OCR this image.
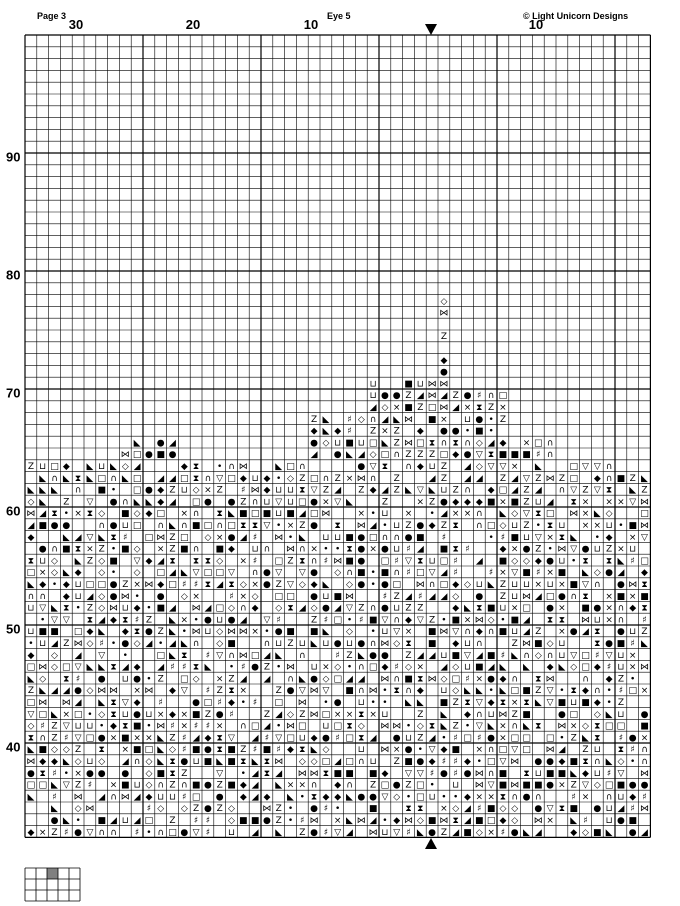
Page 3	Eye 5	© Light Unicorn Designs
30	20	10	10
90
80
70
60
50
40
Z
◣
◇
⋈
◢
◆
⧗
□
◣
∩
⊔
⊔
•
◆
□
◣
Z
□
▽
◇
⧗
◣
⋈
●
□
◣
◆
⊔
◣
◣
◣
◢
■
●
⊔
×
◆
∩
▽
•
■
⊔
⋈
◇
◣
⋈
□
♯
∩
■
◆
⧗
□
×
□
∩
◣
⧗
●
∩
◇
◇
•
◣
▽
■
◢
◇
◇
◢
◣
Z
Z
◇
◆
♯
◣
♯
◣
●
Z
◆
◣
Z
•
●
◣
■
◣
◆
◆
⧗
▽
Z
□
⧗
◢
⋈
×
▽
♯
◇
◣
•
▽
◣
♯
⧗
∩
×
◢
⧗
◣
◆
⊔
⊔
•
□
⋈
◢
▽
♯
●
◢
□
⊔
▽
Z
◇
×
Z
⋈
◇
•
●
◣
◣
▽
⧗
▽
×
Z
□
◢
Z
⧗
◆
◇
◣
◇
•
⊔
□
⊔
●
♯
⋈
▽
⊔
□
■
◇
∩
◣
Z
◇
◇
□
◇
◇
◢
◣
♯
▽
◣
●
⋈
◣
◇
•
●
⧗
◇
●
◢
■
∩
◣
∩
•
●
●
⧗
•
■
•
●
●
⋈
◆
•
⧗
⋈
⧗
⧗
◆
×
×
∩
◢
∩
⋈
◇
◣
∩
■
⊔
♯
■
Z
⋈
⊔
⧗
◆
●
•
◢
⊔
▽
⊔
⧗
■
×
◢
●
■
⋈
⊔
◣
□
◢
□
□
◣
◇
□
◇
▽
◇
×
•
◆
♯
⧗
◇
◆
●
×
◆
●
■
×
■
∩
⊔
◢
◢
♯
●
●
◣
◆
□
◆
⋈
•
Z
●
◢
•
⋈
⊔
•
×
□
◇
◇
◇
◆
♯
□
•
●
■
◢
◆
◆
□
∩
⋈
×
◢
□
◆
●
■
Z
•
□
◢
Z
♯
×
⋈
◣
◣
◣
■
∩
⊔
◇
∩
◢
●
◢
Z
◢
◣
Z
Z
⧗
◢
□
◢
◣
◣
◢
◣
♯
◆
◆
♯
Z
◇
⧗
⧗
Z
⊔
Z
□
◆
□
⊔
×
∩
□
■
◣
♯
◇
×
•
◣
⧗
♯
□
▽
×
×
♯
♯
●
Z
∩
♯
◇
●
⧗
⧗
◇
□
∩
■
∩
⧗
▽
♯
×
⋈
•
⋈
∩
⧗
◇
●
■
♯
◢
■
⊔
■
□
Z
♯
▽
∩
×
●
□
◇
⧗
□
⧗
◢
●
⊔
♯
◣
♯
□
Z
♯
◆
●
■
●
●
♯
♯
•
▽
Z
⧗
∩
×
■
◇
□
◢
□
⊔
◇
◇
▽
×
Z
♯
●
×
⧗
⧗
◣
▽
Z
●
Z
∩
□
●
◣
□
●
◆
▽
⧗
♯
◇
●
⋈
■
∩
•
Z
⧗
◆
♯
▽
■
■
■
◇
◇
⊔
⋈
◆
♯
Z
■
⧗
◢
×
◇
×
∩
◢
⋈
⋈
♯
◢
×
•
∩
Z
⧗
•
◆
◆
■
⊔
⋈
∩
□
⧗
♯
⊔
♯
∩
×
◇
◆
×
□
●
♯
□
◢
♯
◣
◢
◢
◢
■
◢
◆
◆
⊔
■
▽
∩
●
●
▽
•
∩
◢
Z
◢
Z
◢
♯
■
⧗
⧗
◆
⋈
●
◣
•
⊔
▽
⊔
•
⋈
□
▽
Z
□
◇
♯
●
⊔
◣
•
Z
□
◢
•
▽
♯
⋈
◢
◣
Z
Z
◣
□
◇
⊔
⊔
■
×
•
⋈
Z
▽
□
⧗
■
Z
⋈
∩
●
◇
⋈
□
◆
×
◣
•
•
∩
Z
⧗
□
◢
Z
◣
∩
⧗
▽
◇
◢
⊔
∩
◣
▽
⋈
Z
□
⊔
⧗
◇
⋈
×
•
♯
Z
Z
◆
●
◢
□
▽
●
□
●
×
∩
●
◆
●
◇
Z
■
◣
⊔
●
⋈
⋈
◆
◣
◇
⋈
∩
⧗
●
⋈
●
◣
◣
◇
∩
Z
×
⋈
⊔
•
♯
◣
⊔
●
♯
◣
⊔
×
◇
▽
•
□
⊔
●
◇
□
⧗
◆
♯
♯
◆
⊔
●
Z
◢
▽
⧗
⊔
•
⋈
◇
■
◢
□
●
♯
◇
□
●
×
□
♯
◢
■
◆
◆
•
×
▽
♯
♯
■
◣
×
◣
■
⧗
■
∩
◇
⋈
▽
•
◇
⊔
Z
•
◢
■
×
⧗
□
□
■
∩
◣
◣
◢
◇
⊔
◢
●
⋈
Z
×
⋈
●
●
●
■
●
Z
♯
●
◣
∩
◢
∩
⊔
⧗
◇
⧗
⊔
∩
●
⋈
⊔
⊔
◢
∩
Z
□
◇
▽
∩
◆
•
◢
□
×
•
•
∩
■
•
∩
●
□
⋈
•
×
◢
⊔
■
Z
●
■
◢
⋈
●
◇
◢
×
◣
□
⧗
◢
Z
⊔
•
∩
●
□
■
●
♯
●
▽
⊔
⋈
●
◆
⋈
•
•
⊔
⋈
⋈
◆
□
▽
•
⊔
●
×
◣
Z
Z
∩
Z
Z
⊔
∩
⊔
♯
∩
□
Z
⊔
∩
▽
◇
♯
∩
⧗
⋈
●
×
Z
●
◇
◆
▽
■
Z
■
⋈
⋈
Z
∩
◣
×
Z
●
♯
▽
♯
◢
Z
◆
×
⧗
Z
◇
■
∩
◣
•
⊔
●
■
▽
Z
•
⧗
⋈
♯
⊔
◢
Z
◆
□
Z
◆
▽
×
●
■
◢
⧗
□
⋈
♯
Z
▽
◢
×
⧗
◆
◣
Z
◇
Z
•
●
▽
□
□
⧗
◇
◣
⋈
⋈
□
■
⧗
Z
⊔
◢
◣
Z
•
◆
⊔
▽
∩
◢
Z
■
■
◢
⋈
⧗
◢
▽
◆
♯
•
⊔
■
●
◇
⋈
Z
◆
●
⋈
◢
⋈
×
●
∩
□
Z
Z
⊔
●
◢
Z
♯
■
□
◢
□
◢
•
⋈
⊔
◢
◇
⊔
■
◣
◣
•
◆
♯
●
•
×
⋈
Z
Z
◢
●
⧗
◆
Z
◆
×
⧗
⧗
♯
♯
◆
◇
◆
■
▽
◆
■
◇
□
◇
Z
Z
♯
■
♯
♯
⊔
•
◇
⧗
◢
●
×
⊔
•
∩
●
◢
◢
∩
◆
×
♯
◇
◣
×
∩
⊔
▽
⊔
♯
◣
⧗
◆
•
□
◆
●
◆
◢
◢
■
♯
⧗
●
■
◇
▽
◇
◢
◆
∩
∩
◢
⊔
●
⧗
⋈
◆
∩
◢
■
×
◣
▽
∩
▽
♯
×
•
⋈
⋈
×
♯
■
◇
∩
Z
•
•
◢
⧗
▽
◆
■
□
•
♯
◣
■
◇
∩
■
◢
●
•
◆
⊔
◣
●
∩
□
∩
▽
×
■
□
×
□
×
Z
◆
■
▽
Z
□
×
◣
◇
♯
◆
■
×
Z
Z
⊔
•
■
♯
◣
◆
◣
⧗
⋈
×
×
□
▽
■
■
⧗
◇
◆
♯
■
×
◢
◢
■
◇
⊔
■
×
◇
▽
⊔
⊔
×
■
⊔
Z
◣
∩
□
×
Z
∩
□
▽
⋈
⋈
∩
◇
◇
●
×
■
▽
Z
Z
▽
Z
⊔
●
◇
■
⊔
⋈
□
◢
◢
⋈
∩
◣
■
⧗
■
◣
□
□
⧗
■
●
◣
□
♯
◣
Z
◢
⊔
⧗
•
▽
Z
◆
♯
×
◢
Z
■
◇
⧗
Z
◣
⧗
●
⊔
■
∩
●
⋈
◢
∩
∩
⋈
◢
□
⧗
×
•
●
×
⊔
□
●
⧗
◇
∩
◆
⋈
▽
▽
□
⋈
●
■
●
▽
×
Z
∩
⊔
⧗
⋈
⊔
■
×
●
×
⧗
×
⊔
⊔
◣
•
■
●
⋈
•
◢
◆
■
×
⧗
□
□
▽
⧗
⋈
◣
▽
•
■
∩
●
▽
◇
⧗
⊔
□
×
Z
■
◣
Z
♯
■
◣
◆
▽
Z
×
×
×
●
⧗
◣
▽
⧗
■
⋈
◢
□
□
∩
◆
■
◇
◣
Z
⧗
◆
▽
×
♯
◇
▽
◆
▽
◣
×
•
⊔
◇
∩
●
⊔
⧗
⧗
♯
◆
∩
◆
◇
⧗
⧗
⊔
∩
⊔
◇
●
■
∩
∩
⧗
×
◇
⊔
◆
Z
⧗
●
×
×
×
●
▽
♯
◆
•
•
◣
□
◣
♯
□
∩
⊔
⊔
◣
■
×
•
×
◣
◢
●
■
∩
∩
●
■
⊔
⊔
Z
♯
Z
⊔
□
♯
⧗
◇
▽
■
⊔
◢
●
Z
◣
▽
■
×
⊔
♯
⋈
×
◆
⊔
♯
×
×
•
□
●
♯
•
●
◆
♯
■
●
◣
Z
⋈
□
⋈
▽
□
◆
⧗
■
⧗
♯
Z
◣
⋈
×
●
■
×
∩
∩
⋈
●
♯
⋈
◢
